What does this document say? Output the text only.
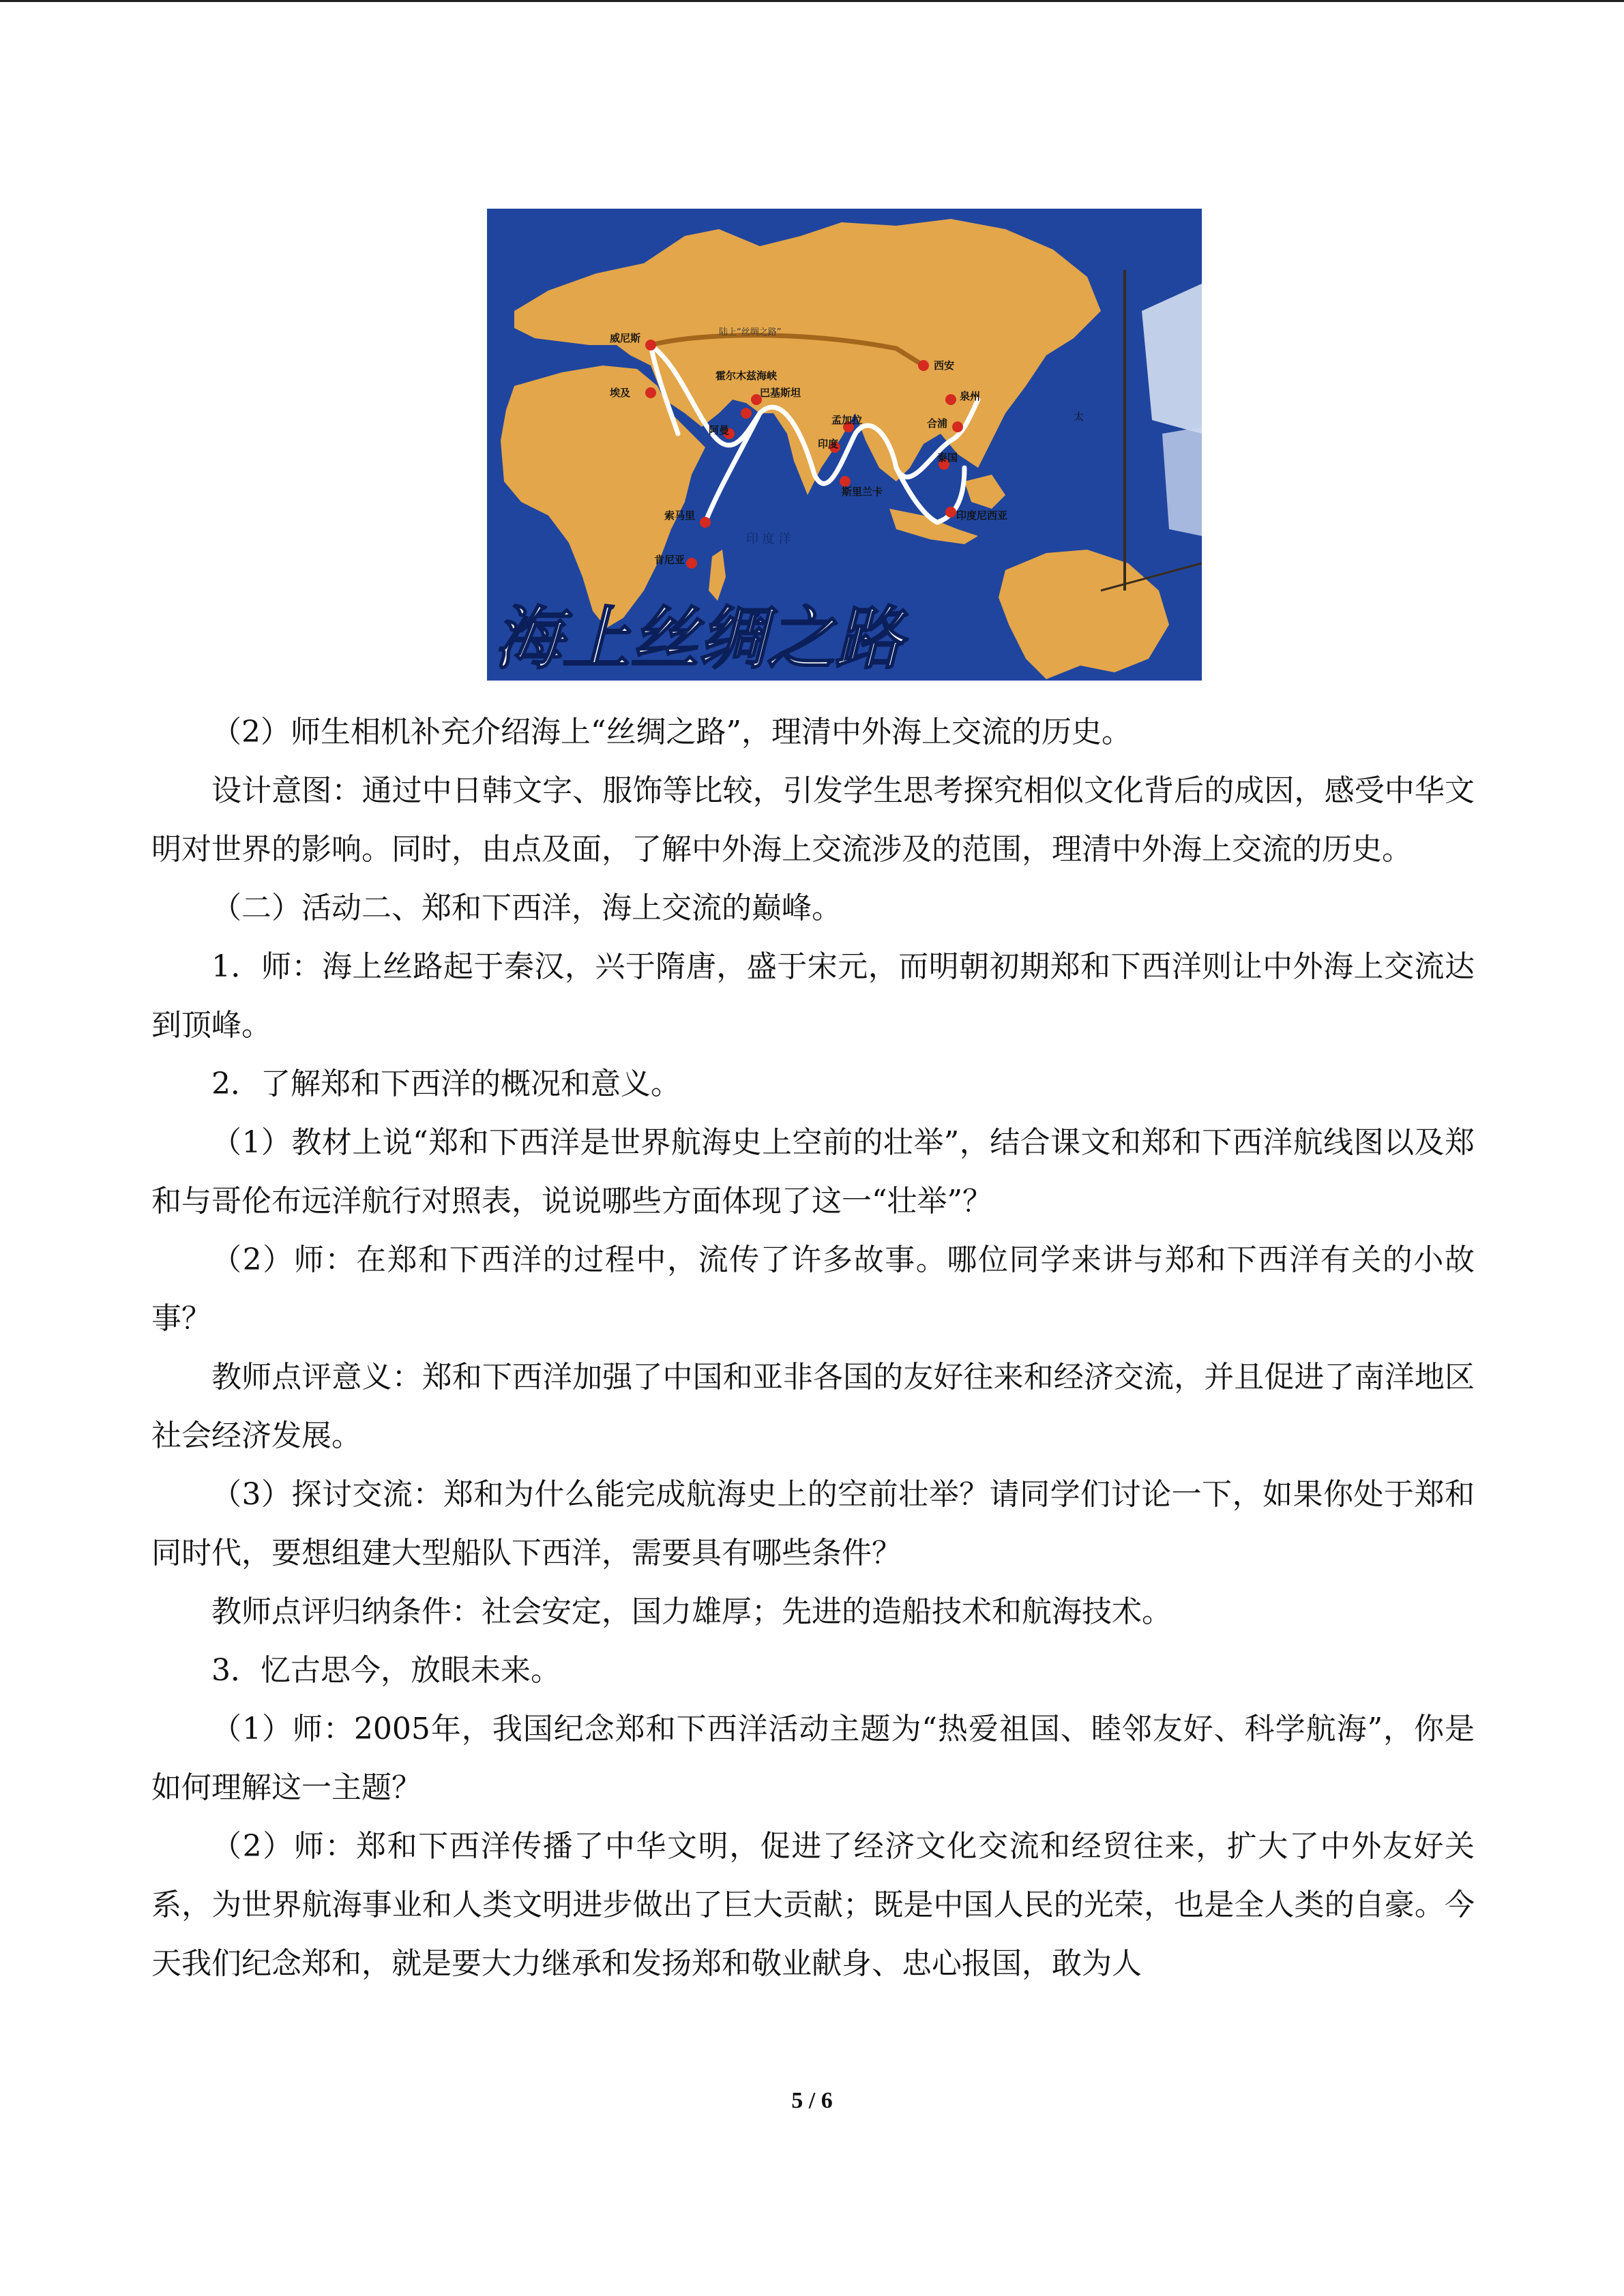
威尼斯
埃及
霍尔木兹海峡
巴基斯坦
西安
孟加拉
泉州
阿曼
印度
合浦
索马里
斯里兰卡
泰国
肯尼亚
印度尼西亚
陆上“丝绸之路”
太
印 度 洋
海上丝绸之路

（2）师生相机补充介绍海上“丝绸之路”，理清中外海上交流的历史。

设计意图：通过中日韩文字、服饰等比较，引发学生思考探究相似文化背后的成因，感受中华文明对世界的影响。同时，由点及面，了解中外海上交流涉及的范围，理清中外海上交流的历史。

（二）活动二、郑和下西洋，海上交流的巅峰。

1．师：海上丝路起于秦汉，兴于隋唐，盛于宋元，而明朝初期郑和下西洋则让中外海上交流达到顶峰。

2．了解郑和下西洋的概况和意义。

（1）教材上说“郑和下西洋是世界航海史上空前的壮举”，结合课文和郑和下西洋航线图以及郑和与哥伦布远洋航行对照表，说说哪些方面体现了这一“壮举”？

（2）师：在郑和下西洋的过程中，流传了许多故事。哪位同学来讲与郑和下西洋有关的小故事？

教师点评意义：郑和下西洋加强了中国和亚非各国的友好往来和经济交流，并且促进了南洋地区社会经济发展。

（3）探讨交流：郑和为什么能完成航海史上的空前壮举？请同学们讨论一下，如果你处于郑和同时代，要想组建大型船队下西洋，需要具有哪些条件？

教师点评归纳条件：社会安定，国力雄厚；先进的造船技术和航海技术。

3．忆古思今，放眼未来。

（1）师：2005年，我国纪念郑和下西洋活动主题为“热爱祖国、睦邻友好、科学航海”，你是如何理解这一主题？

（2）师：郑和下西洋传播了中华文明，促进了经济文化交流和经贸往来，扩大了中外友好关系，为世界航海事业和人类文明进步做出了巨大贡献；既是中国人民的光荣，也是全人类的自豪。今天我们纪念郑和，就是要大力继承和发扬郑和敬业献身、忠心报国，敢为人

5 / 6
